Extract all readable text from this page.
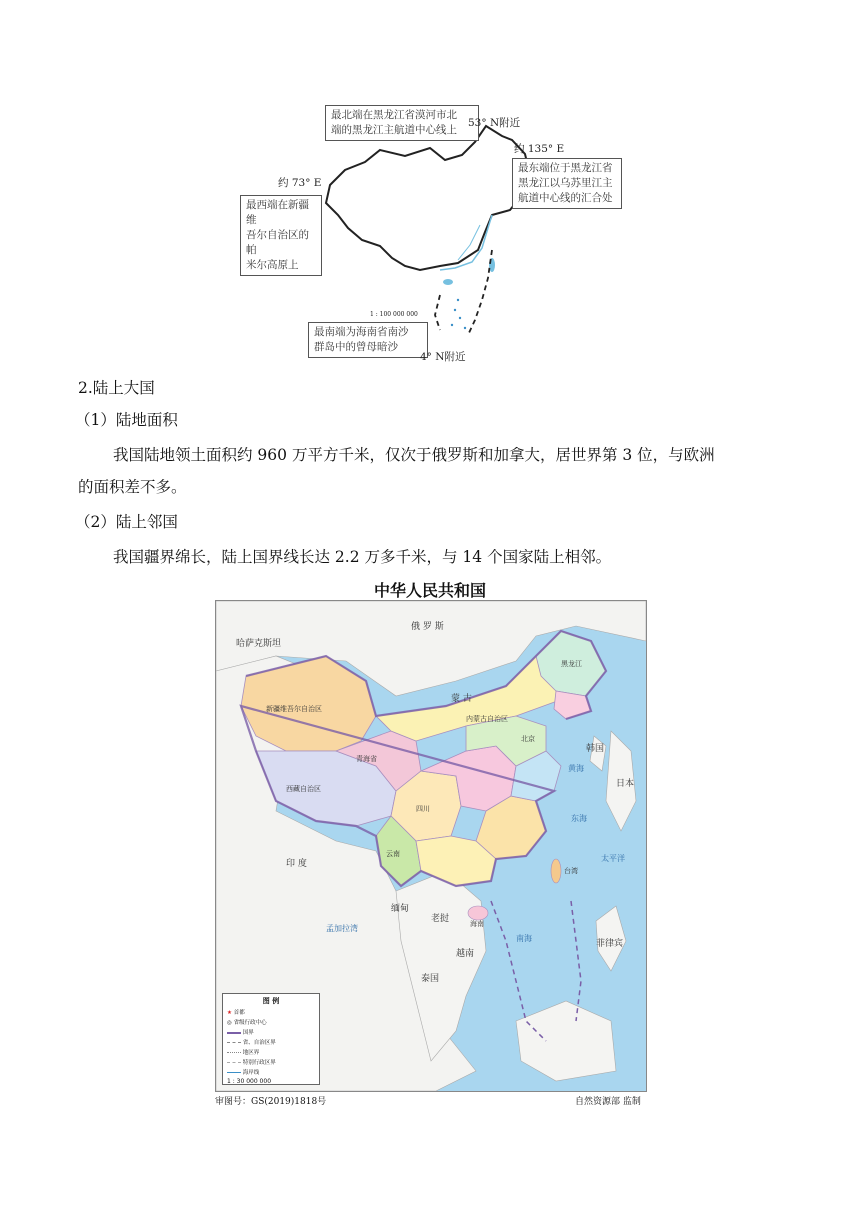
最北端在黑龙江省漠河市北
端的黑龙江主航道中心线上
53° N附近
约 135° E
最东端位于黑龙江省
黑龙江以乌苏里江主
航道中心线的汇合处
约 73° E
最西端在新疆维
吾尔自治区的帕
米尔高原上
1 : 100 000 000
最南端为海南省南沙
群岛中的曾母暗沙
4° N附近
2.陆上大国
（1）陆地面积
我国陆地领土面积约 960 万平方千米，仅次于俄罗斯和加拿大，居世界第 3 位，与欧洲
的面积差不多。
（2）陆上邻国
我国疆界绵长，陆上国界线长达 2.2 万多千米，与 14 个国家陆上相邻。
中华人民共和国
蒙 古
俄 罗 斯
哈萨克斯坦
印 度
缅甸
老挝
越南
泰国
菲律宾
日本
韩国
新疆维吾尔自治区
西藏自治区
青海省
内蒙古自治区
四川
黑龙江
北京
台湾
海南
云南	太平洋
南海
东海
黄海
孟加拉湾
图 例
★ 首都
◎ 省级行政中心
国界
省、自治区界
地区界
特别行政区界
海岸线
1 : 30 000 000
审图号：GS(2019)1818号	自然资源部 监制
